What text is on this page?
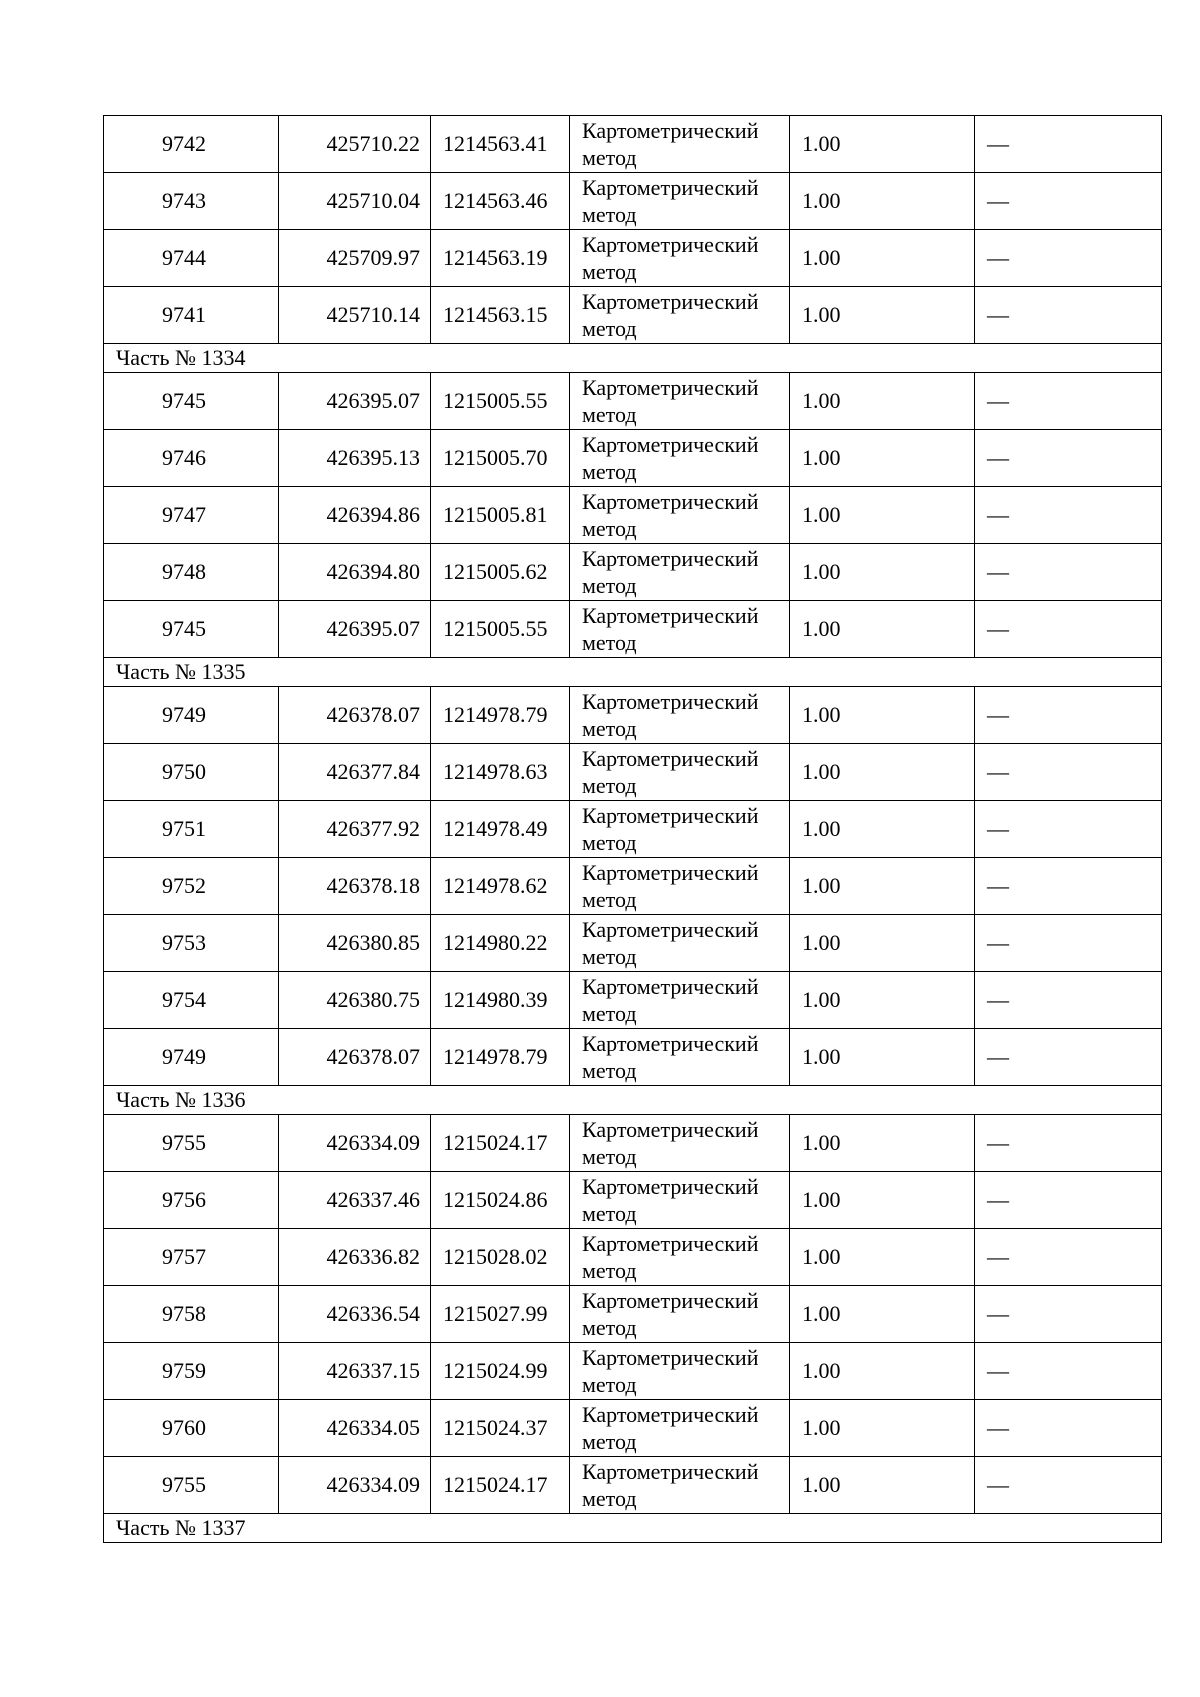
9742	425710.22	1214563.41	Картометрический метод	1.00	—
9743	425710.04	1214563.46	Картометрический метод	1.00	—
9744	425709.97	1214563.19	Картометрический метод	1.00	—
9741	425710.14	1214563.15	Картометрический метод	1.00	—
Часть № 1334					
9745	426395.07	1215005.55	Картометрический метод	1.00	—
9746	426395.13	1215005.70	Картометрический метод	1.00	—
9747	426394.86	1215005.81	Картометрический метод	1.00	—
9748	426394.80	1215005.62	Картометрический метод	1.00	—
9745	426395.07	1215005.55	Картометрический метод	1.00	—
Часть № 1335					
9749	426378.07	1214978.79	Картометрический метод	1.00	—
9750	426377.84	1214978.63	Картометрический метод	1.00	—
9751	426377.92	1214978.49	Картометрический метод	1.00	—
9752	426378.18	1214978.62	Картометрический метод	1.00	—
9753	426380.85	1214980.22	Картометрический метод	1.00	—
9754	426380.75	1214980.39	Картометрический метод	1.00	—
9749	426378.07	1214978.79	Картометрический метод	1.00	—
Часть № 1336					
9755	426334.09	1215024.17	Картометрический метод	1.00	—
9756	426337.46	1215024.86	Картометрический метод	1.00	—
9757	426336.82	1215028.02	Картометрический метод	1.00	—
9758	426336.54	1215027.99	Картометрический метод	1.00	—
9759	426337.15	1215024.99	Картометрический метод	1.00	—
9760	426334.05	1215024.37	Картометрический метод	1.00	—
9755	426334.09	1215024.17	Картометрический метод	1.00	—
Часть № 1337					
